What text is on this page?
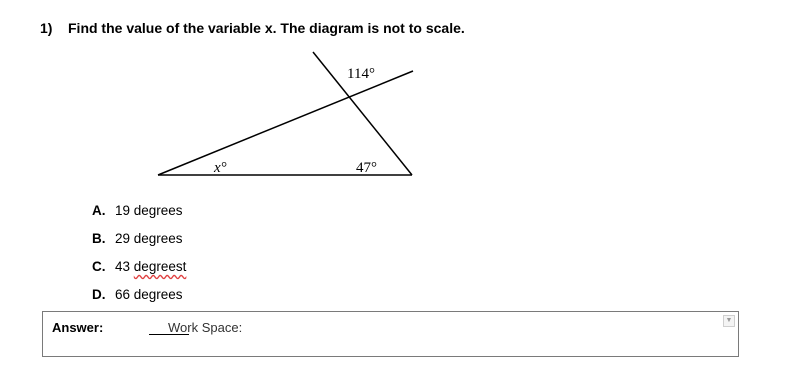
1) Find the value of the variable x. The diagram is not to scale.
114°
x°	47°
A. 19 degrees
B. 29 degrees
C. 43 degreest
D. 66 degrees
Answer:	Work Space:	▼
